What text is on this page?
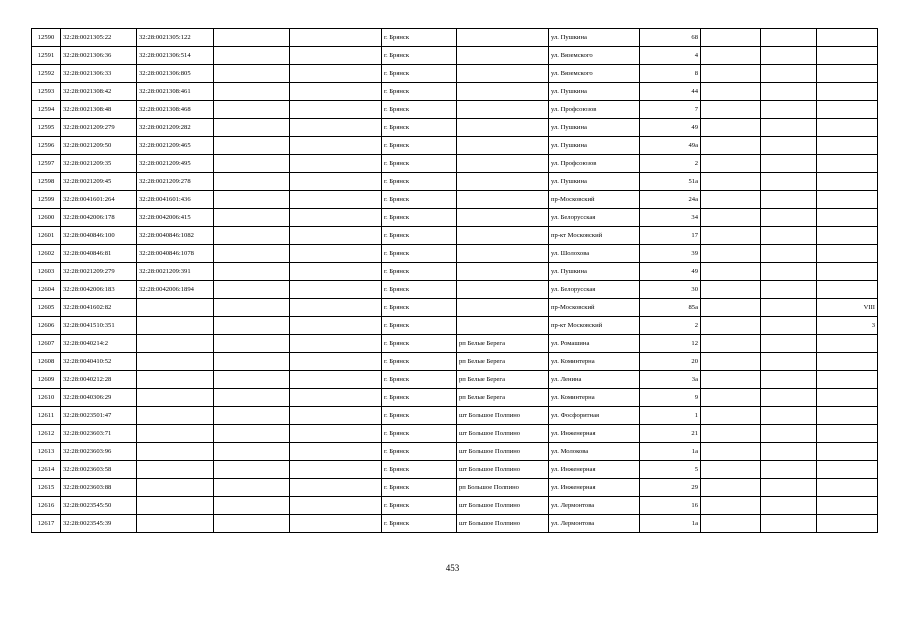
12590	32:28:0021305:22	32:28:0021305:122			г. Брянск		ул. Пушкина	68			
12591	32:28:0021306:36	32:28:0021306:514			г. Брянск		ул. Вяземского	4			
12592	32:28:0021306:33	32:28:0021306:805			г. Брянск		ул. Вяземского	8			
12593	32:28:0021308:42	32:28:0021308:461			г. Брянск		ул. Пушкина	44			
12594	32:28:0021308:48	32:28:0021308:468			г. Брянск		ул. Профсоюзов	7			
12595	32:28:0021209:279	32:28:0021209:282			г. Брянск		ул. Пушкина	49			
12596	32:28:0021209:50	32:28:0021209:465			г. Брянск		ул. Пушкина	49а			
12597	32:28:0021209:35	32:28:0021209:495			г. Брянск		ул. Профсоюзов	2			
12598	32:28:0021209:45	32:28:0021209:278			г. Брянск		ул. Пушкина	51а			
12599	32:28:0041601:264	32:28:0041601:436			г. Брянск		пр-Московский	24а			
12600	32:28:0042006:178	32:28:0042006:415			г. Брянск		ул. Белорусская	34			
12601	32:28:0040846:100	32:28:0040846:1082			г. Брянск		пр-кт Московский	17			
12602	32:28:0040846:81	32:28:0040846:1078			г. Брянск		ул. Шолохова	39			
12603	32:28:0021209:279	32:28:0021209:391			г. Брянск		ул. Пушкина	49			
12604	32:28:0042006:183	32:28:0042006:1894			г. Брянск		ул. Белорусская	30			
12605	32:28:0041602:82				г. Брянск		пр-Московский	85а			VIII
12606	32:28:0041510:351				г. Брянск		пр-кт Московский	2			3
12607	32:28:0040214:2				г. Брянск	рп Белые Берега	ул. Ромашина	12			
12608	32:28:0040410:52				г. Брянск	рп Белые Берега	ул. Коминтерна	20			
12609	32:28:0040212:28				г. Брянск	рп Белые Берега	ул. Ленина	3а			
12610	32:28:0040306:29				г. Брянск	рп Белые Берега	ул. Коминтерна	9			
12611	32:28:0023501:47				г. Брянск	шт Большое Полпино	ул. Фосфоритная	1			
12612	32:28:0023603:71				г. Брянск	шт Большое Полпино	ул. Инженерная	21			
12613	32:28:0023603:96				г. Брянск	шт Большое Полпино	ул. Молокова	1а			
12614	32:28:0023603:58				г. Брянск	шт Большое Полпино	ул. Инженерная	5			
12615	32:28:0023603:88				г. Брянск	рп Большое Полпино	ул. Инженерная	29			
12616	32:28:0023545:50				г. Брянск	шт Большое Полпино	ул. Лермонтова	16			
12617	32:28:0023545:39				г. Брянск	шт Большое Полпино	ул. Лермонтова	1а			
453
